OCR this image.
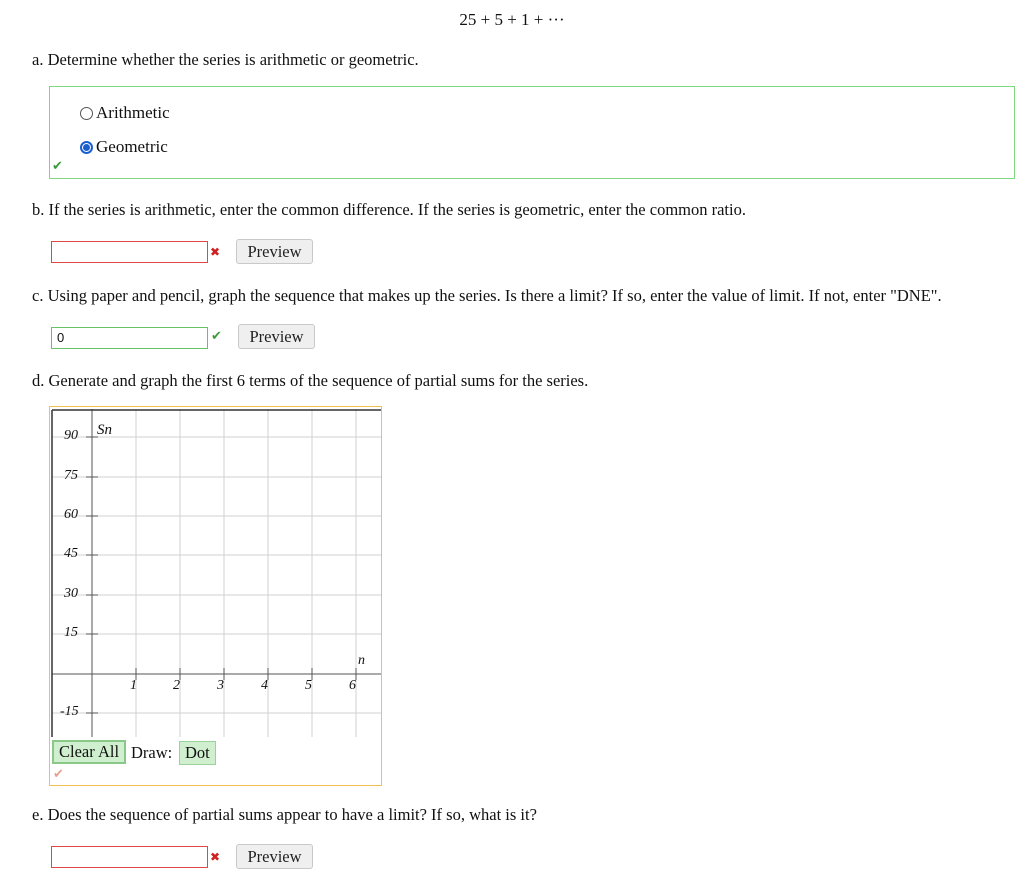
25 + 5 + 1 + ···
a. Determine whether the series is arithmetic or geometric.
Arithmetic
Geometric
✔
b. If the series is arithmetic, enter the common difference. If the series is geometric, enter the common ratio.
✖	Preview
c. Using paper and pencil, graph the sequence that makes up the series. Is there a limit? If so, enter the value of limit. If not, enter "DNE".
0	✔	Preview
d. Generate and graph the first 6 terms of the sequence of partial sums for the series.
Sn
n
90
75
60
45
30
15
-15
1	2	3	4	5	6
Clear All Draw: Dot
✔
e. Does the sequence of partial sums appear to have a limit? If so, what is it?
✖	Preview
